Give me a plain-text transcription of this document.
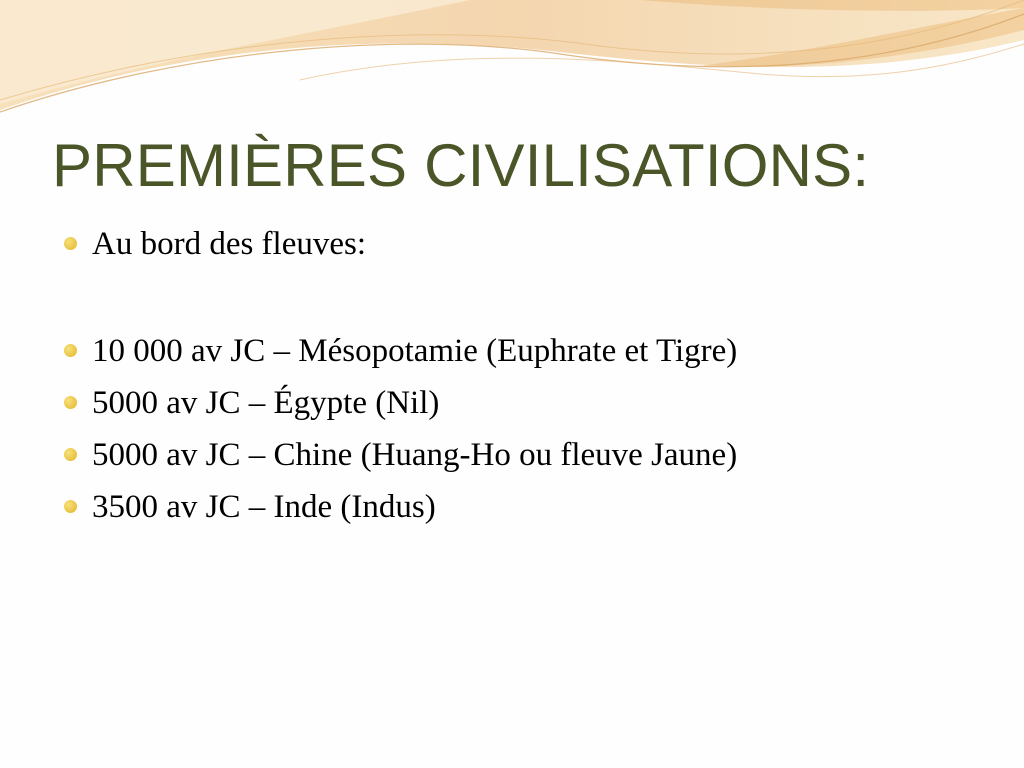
PREMIÈRES CIVILISATIONS:
Au bord des fleuves:
10 000 av JC – Mésopotamie (Euphrate et Tigre)
5000 av JC – Égypte (Nil)
5000 av JC – Chine (Huang-Ho ou fleuve Jaune)
3500 av JC – Inde (Indus)
